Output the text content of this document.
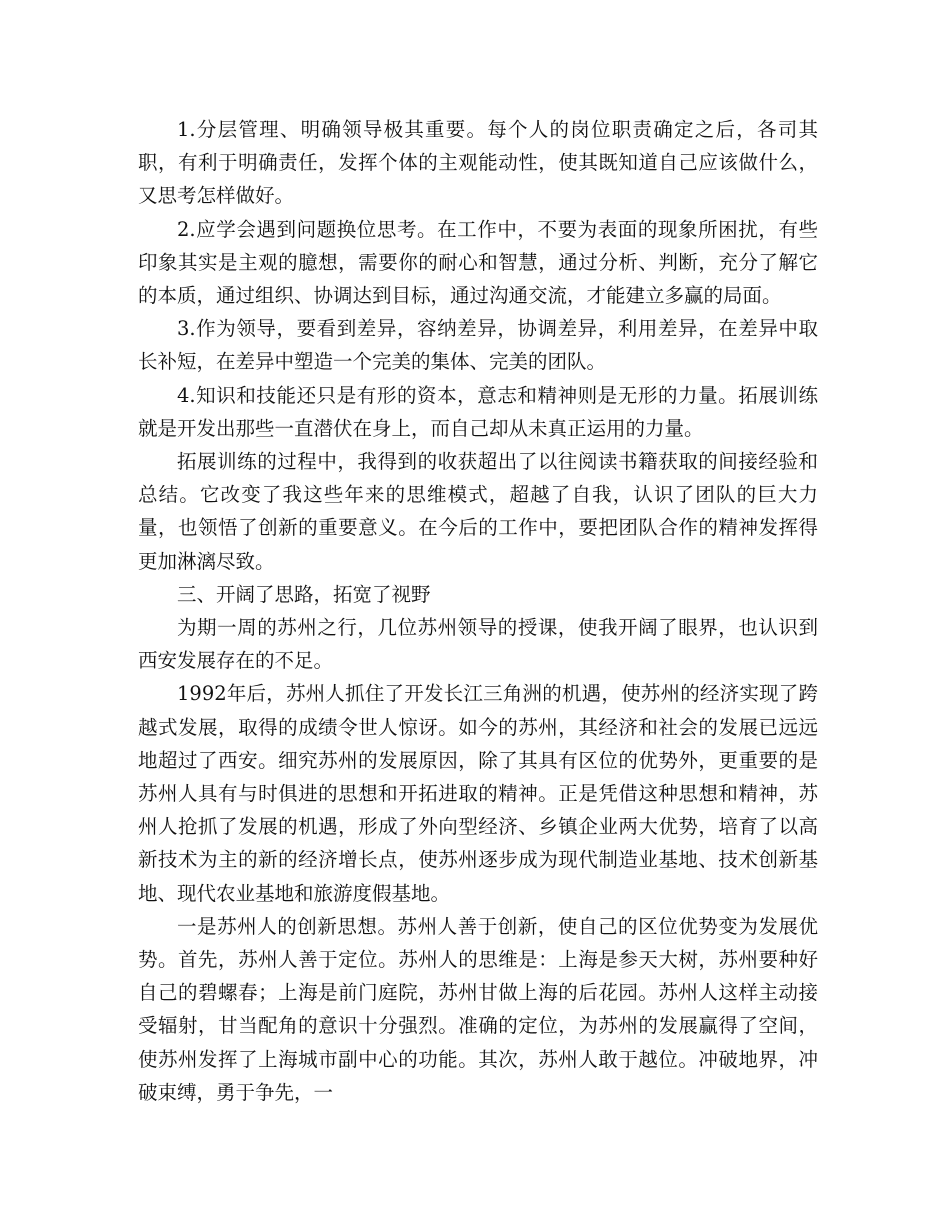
1.分层管理、明确领导极其重要。每个人的岗位职责确定之后，各司其职，有利于明确责任，发挥个体的主观能动性，使其既知道自己应该做什么，又思考怎样做好。

2.应学会遇到问题换位思考。在工作中，不要为表面的现象所困扰，有些印象其实是主观的臆想，需要你的耐心和智慧，通过分析、判断，充分了解它的本质，通过组织、协调达到目标，通过沟通交流，才能建立多赢的局面。

3.作为领导，要看到差异，容纳差异，协调差异，利用差异，在差异中取长补短，在差异中塑造一个完美的集体、完美的团队。

4.知识和技能还只是有形的资本，意志和精神则是无形的力量。拓展训练就是开发出那些一直潜伏在身上，而自己却从未真正运用的力量。

拓展训练的过程中，我得到的收获超出了以往阅读书籍获取的间接经验和总结。它改变了我这些年来的思维模式，超越了自我，认识了团队的巨大力量，也领悟了创新的重要意义。在今后的工作中，要把团队合作的精神发挥得更加淋漓尽致。

三、开阔了思路，拓宽了视野

为期一周的苏州之行，几位苏州领导的授课，使我开阔了眼界，也认识到西安发展存在的不足。

1992年后，苏州人抓住了开发长江三角洲的机遇，使苏州的经济实现了跨越式发展，取得的成绩令世人惊讶。如今的苏州，其经济和社会的发展已远远地超过了西安。细究苏州的发展原因，除了其具有区位的优势外，更重要的是苏州人具有与时俱进的思想和开拓进取的精神。正是凭借这种思想和精神，苏州人抢抓了发展的机遇，形成了外向型经济、乡镇企业两大优势，培育了以高新技术为主的新的经济增长点，使苏州逐步成为现代制造业基地、技术创新基地、现代农业基地和旅游度假基地。

一是苏州人的创新思想。苏州人善于创新，使自己的区位优势变为发展优势。首先，苏州人善于定位。苏州人的思维是：上海是参天大树，苏州要种好自己的碧螺春；上海是前门庭院，苏州甘做上海的后花园。苏州人这样主动接受辐射，甘当配角的意识十分强烈。准确的定位，为苏州的发展赢得了空间，使苏州发挥了上海城市副中心的功能。其次，苏州人敢于越位。冲破地界，冲破束缚，勇于争先，一
